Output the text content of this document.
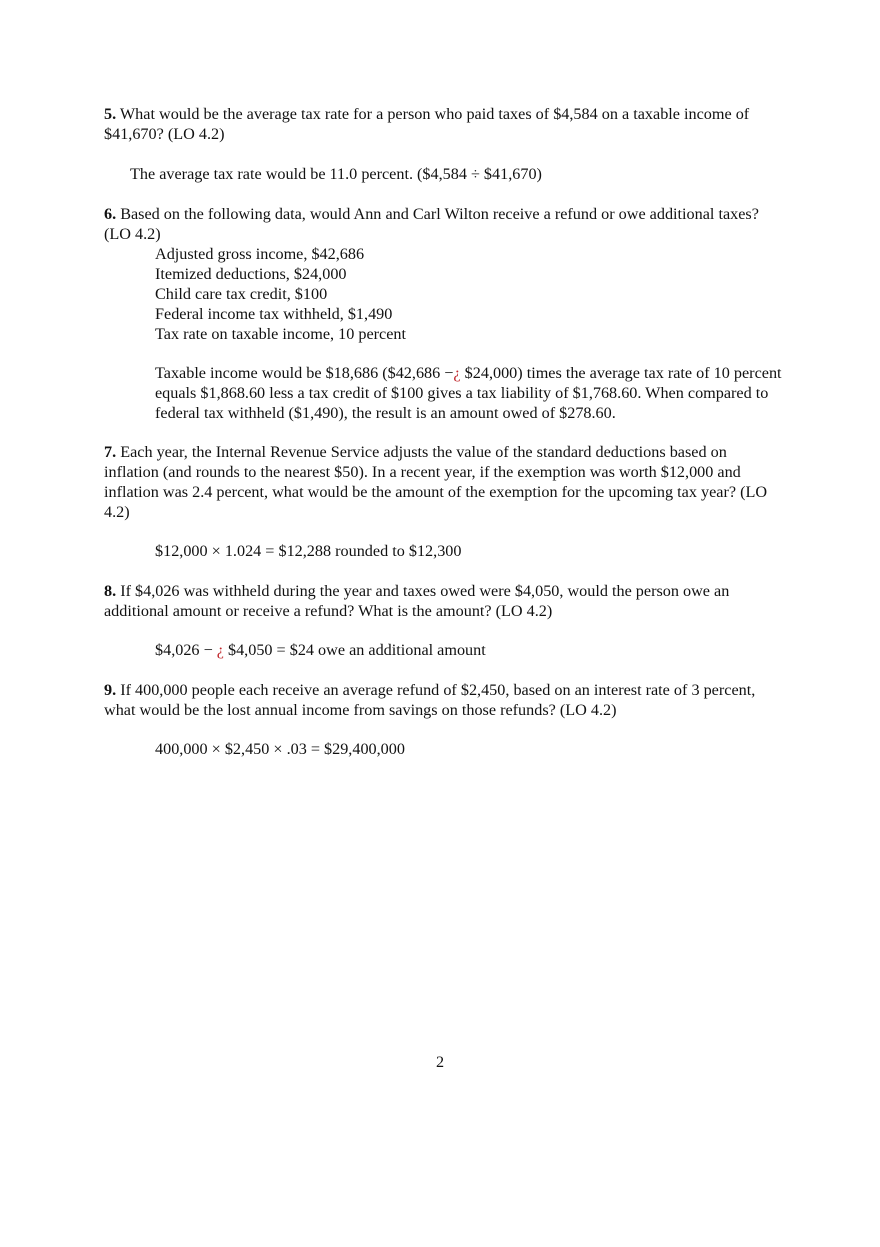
5. What would be the average tax rate for a person who paid taxes of $4,584 on a taxable income of $41,670? (LO 4.2)

The average tax rate would be 11.0 percent. ($4,584 ÷ $41,670)

6. Based on the following data, would Ann and Carl Wilton receive a refund or owe additional taxes? (LO 4.2)

Adjusted gross income, $42,686
Itemized deductions, $24,000
Child care tax credit, $100
Federal income tax withheld, $1,490
Tax rate on taxable income, 10 percent

Taxable income would be $18,686 ($42,686 −¿ $24,000) times the average tax rate of 10 percent equals $1,868.60 less a tax credit of $100 gives a tax liability of $1,768.60. When compared to federal tax withheld ($1,490), the result is an amount owed of $278.60.

7. Each year, the Internal Revenue Service adjusts the value of the standard deductions based on inflation (and rounds to the nearest $50). In a recent year, if the exemption was worth $12,000 and inflation was 2.4 percent, what would be the amount of the exemption for the upcoming tax year? (LO 4.2)

$12,000 × 1.024 = $12,288 rounded to $12,300

8. If $4,026 was withheld during the year and taxes owed were $4,050, would the person owe an additional amount or receive a refund? What is the amount? (LO 4.2)

$4,026 − ¿ $4,050 = $24 owe an additional amount

9. If 400,000 people each receive an average refund of $2,450, based on an interest rate of 3 percent, what would be the lost annual income from savings on those refunds? (LO 4.2)

400,000 × $2,450 × .03 = $29,400,000

2
